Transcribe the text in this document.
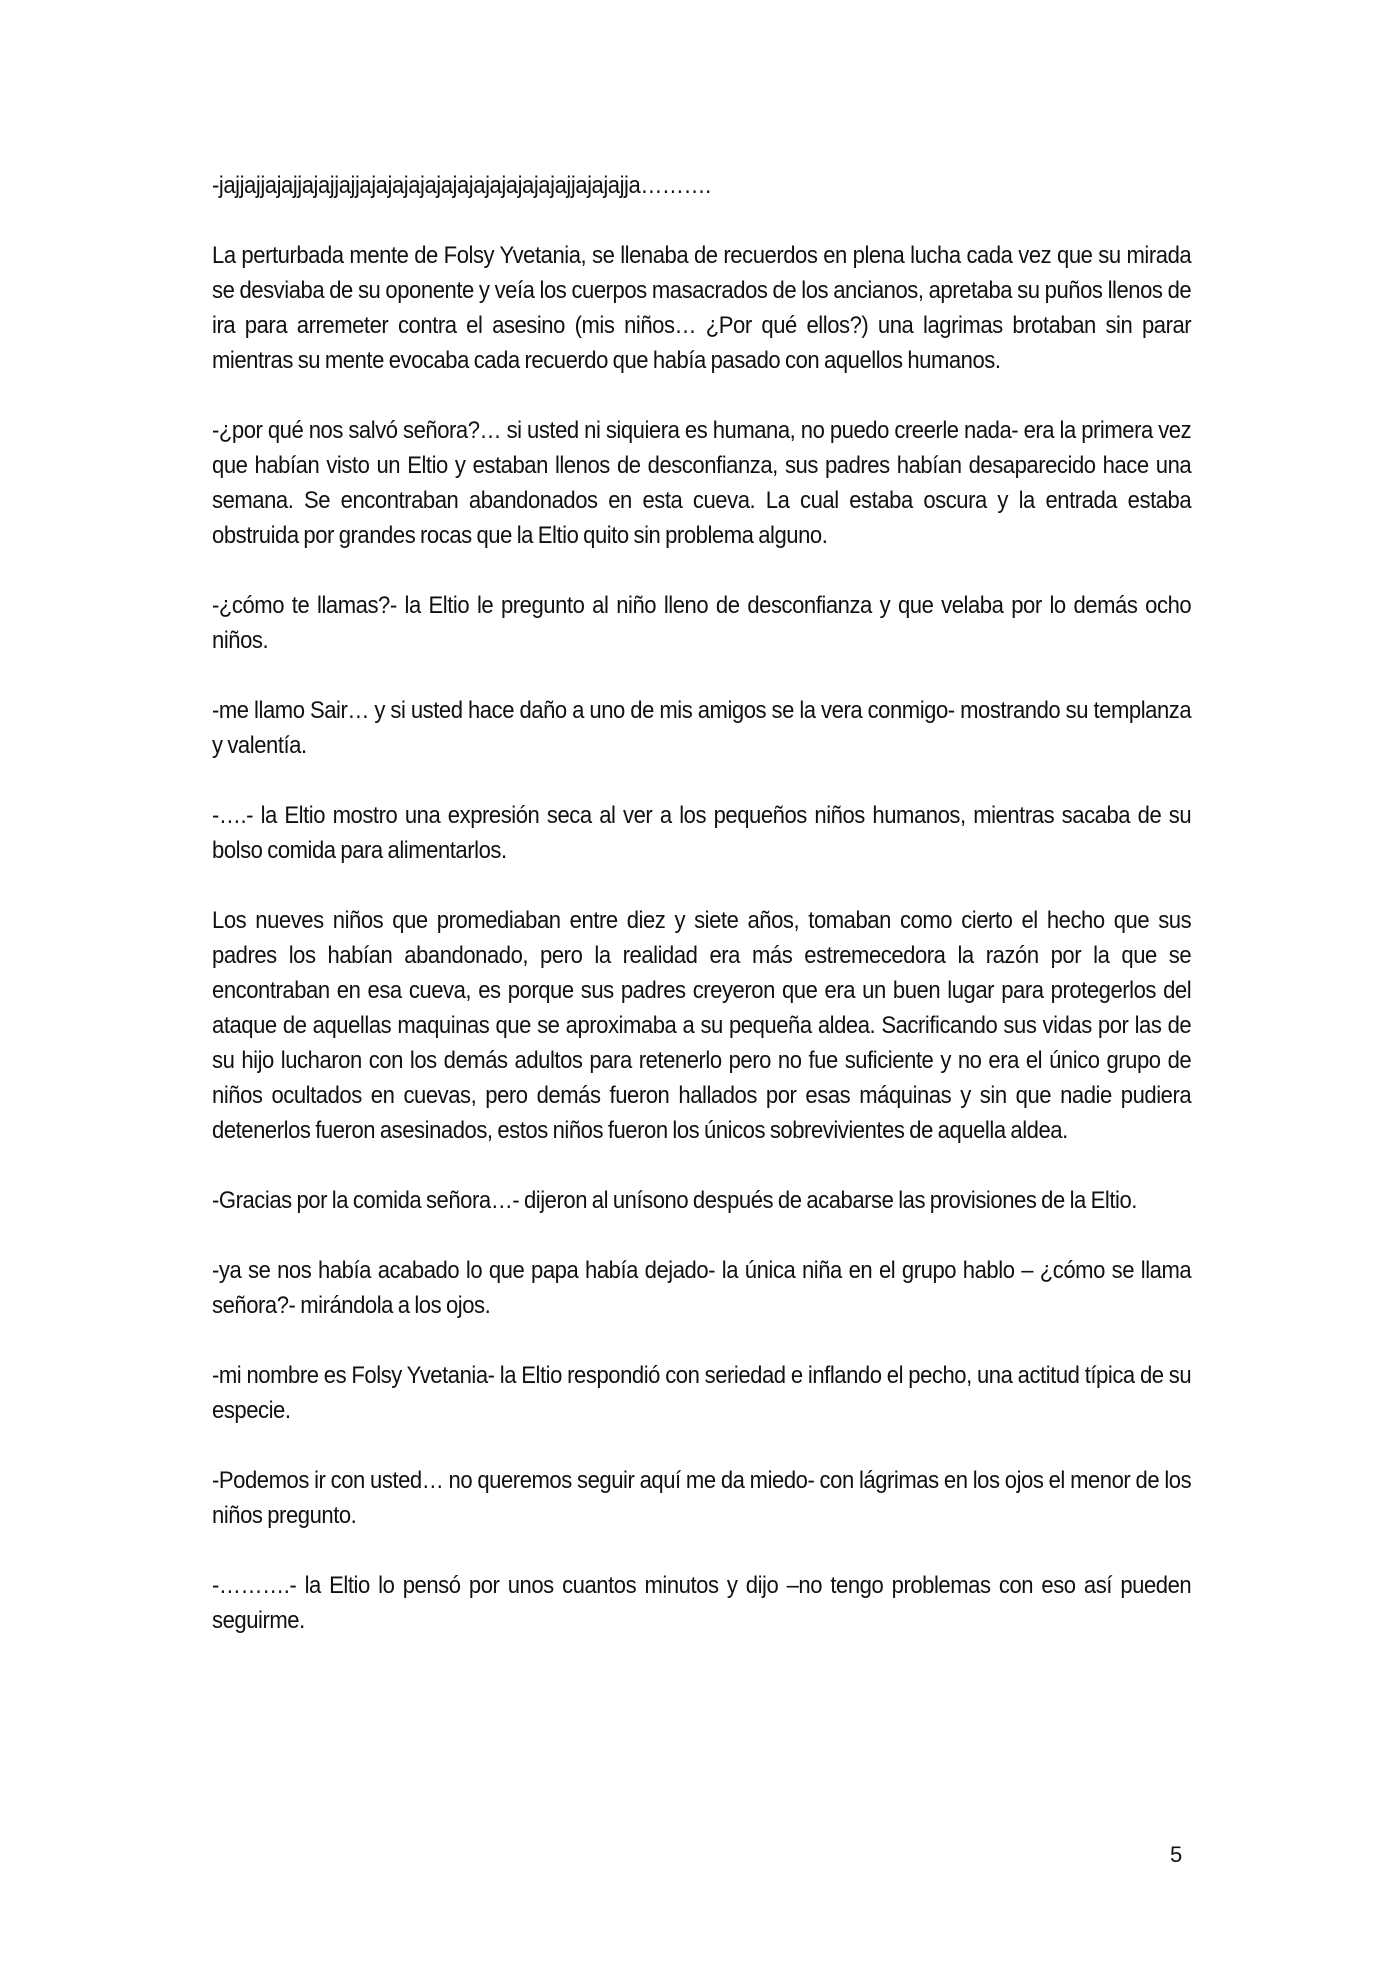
-jajjajjajajjajajjajjajajajajajajajajajajajajajjajajajja……….

La perturbada mente de Folsy Yvetania, se llenaba de recuerdos en plena lucha cada vez que su mirada se desviaba de su oponente y veía los cuerpos masacrados de los ancianos, apretaba su puños llenos de ira para arremeter contra el asesino (mis niños… ¿Por qué ellos?) una lagrimas brotaban sin parar mientras su mente evocaba cada recuerdo que había pasado con aquellos humanos.

-¿por qué nos salvó señora?… si usted ni siquiera es humana, no puedo creerle nada- era la primera vez que habían visto un Eltio y estaban llenos de desconfianza, sus padres habían desaparecido hace una semana. Se encontraban abandonados en esta cueva. La cual estaba oscura y la entrada estaba obstruida por grandes rocas que la Eltio quito sin problema alguno.

-¿cómo te llamas?- la Eltio le pregunto al niño lleno de desconfianza y que velaba por lo demás ocho niños.

-me llamo Sair… y si usted hace daño a uno de mis amigos se la vera conmigo- mostrando su templanza y valentía.

-….- la Eltio mostro una expresión seca al ver a los pequeños niños humanos, mientras sacaba de su bolso comida para alimentarlos.

Los nueves niños que promediaban entre diez y siete años, tomaban como cierto el hecho que sus padres los habían abandonado, pero la realidad era más estremecedora la razón por la que se encontraban en esa cueva, es porque sus padres creyeron que era un buen lugar para protegerlos del ataque de aquellas maquinas que se aproximaba a su pequeña aldea. Sacrificando sus vidas por las de su hijo lucharon con los demás adultos para retenerlo pero no fue suficiente y no era el único grupo de niños ocultados en cuevas, pero demás fueron hallados por esas máquinas y sin que nadie pudiera detenerlos fueron asesinados, estos niños fueron los únicos sobrevivientes de aquella aldea.

-Gracias por la comida señora…- dijeron al unísono después de acabarse las provisiones de la Eltio.

-ya se nos había acabado lo que papa había dejado- la única niña en el grupo hablo – ¿cómo se llama señora?- mirándola a los ojos.

-mi nombre es Folsy Yvetania- la Eltio respondió con seriedad e inflando el pecho, una actitud típica de su especie.

-Podemos ir con usted… no queremos seguir aquí me da miedo- con lágrimas en los ojos el menor de los niños pregunto.

-……….- la Eltio lo pensó por unos cuantos minutos y dijo –no tengo problemas con eso así pueden seguirme.

5
